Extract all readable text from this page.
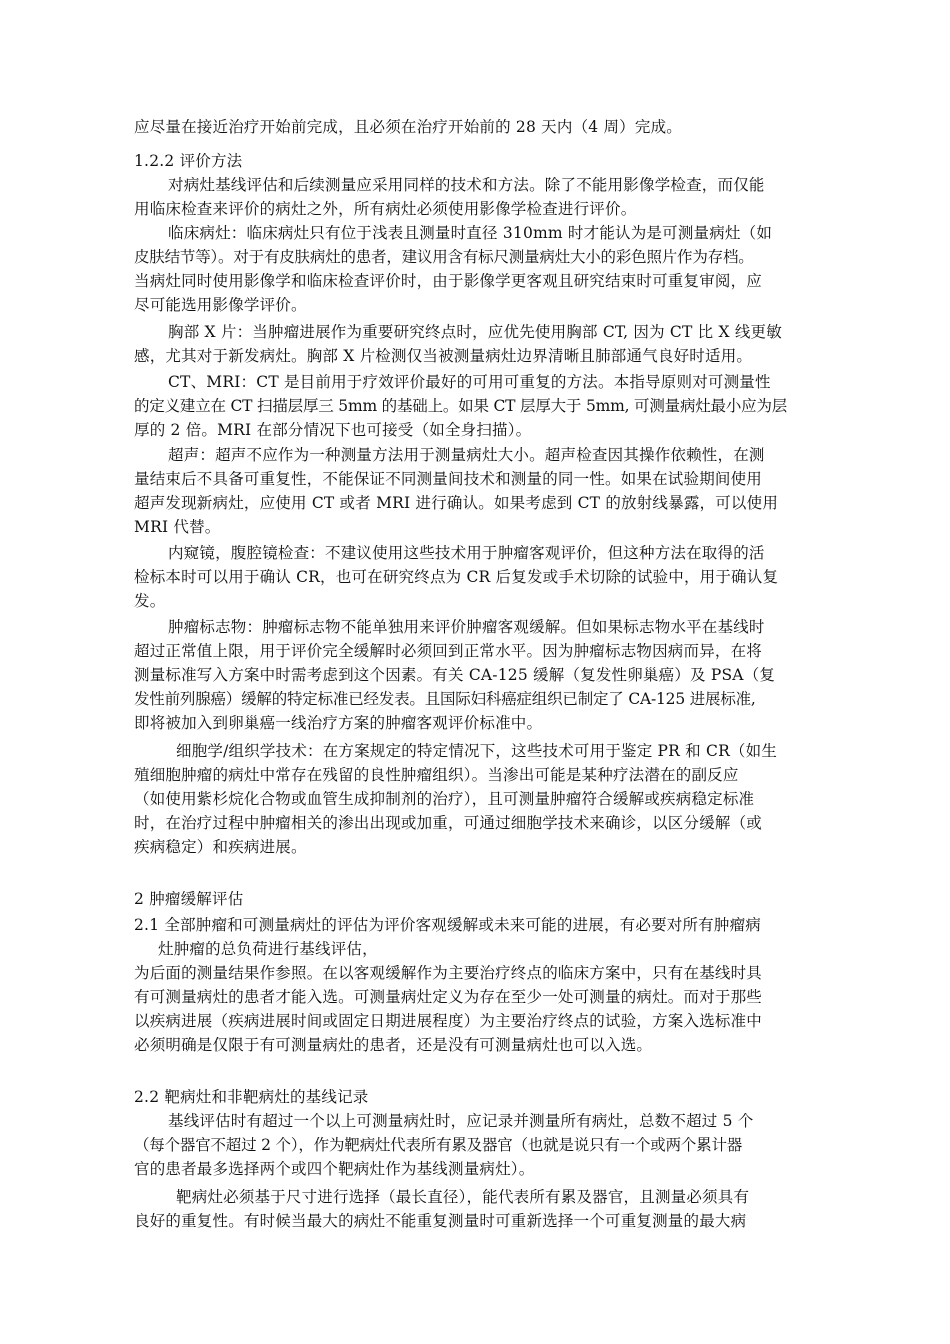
应尽量在接近治疗开始前完成，且必须在治疗开始前的 28 天内（4 周）完成。
1.2.2 评价方法
对病灶基线评估和后续测量应采用同样的技术和方法。除了不能用影像学检查，而仅能
用临床检查来评价的病灶之外，所有病灶必须使用影像学检查进行评价。
临床病灶：临床病灶只有位于浅表且测量时直径 310mm 时才能认为是可测量病灶（如
皮肤结节等）。对于有皮肤病灶的患者，建议用含有标尺测量病灶大小的彩色照片作为存档。
当病灶同时使用影像学和临床检查评价时，由于影像学更客观且研究结束时可重复审阅，应
尽可能选用影像学评价。
胸部 X 片：当肿瘤进展作为重要研究终点时，应优先使用胸部 CT, 因为 CT 比 X 线更敏
感，尤其对于新发病灶。胸部 X 片检测仅当被测量病灶边界清晰且肺部通气良好时适用。
CT、MRI：CT 是目前用于疗效评价最好的可用可重复的方法。本指导原则对可测量性
的定义建立在 CT 扫描层厚三 5mm 的基础上。如果 CT 层厚大于 5mm, 可测量病灶最小应为层
厚的 2 倍。MRI 在部分情况下也可接受（如全身扫描）。
超声：超声不应作为一种测量方法用于测量病灶大小。超声检查因其操作依赖性，在测
量结束后不具备可重复性，不能保证不同测量间技术和测量的同一性。如果在试验期间使用
超声发现新病灶，应使用 CT 或者 MRI 进行确认。如果考虑到 CT 的放射线暴露，可以使用
MRI 代替。
内窥镜，腹腔镜检查：不建议使用这些技术用于肿瘤客观评价，但这种方法在取得的活
检标本时可以用于确认 CR，也可在研究终点为 CR 后复发或手术切除的试验中，用于确认复
发。
肿瘤标志物：肿瘤标志物不能单独用来评价肿瘤客观缓解。但如果标志物水平在基线时
超过正常值上限，用于评价完全缓解时必须回到正常水平。因为肿瘤标志物因病而异，在将
测量标准写入方案中时需考虑到这个因素。有关 CA-125 缓解（复发性卵巢癌）及 PSA（复
发性前列腺癌）缓解的特定标准已经发表。且国际妇科癌症组织已制定了 CA-125 进展标准,
即将被加入到卵巢癌一线治疗方案的肿瘤客观评价标准中。
细胞学/组织学技术：在方案规定的特定情况下，这些技术可用于鉴定 PR 和 CR（如生
殖细胞肿瘤的病灶中常存在残留的良性肿瘤组织）。当渗出可能是某种疗法潜在的副反应
（如使用紫杉烷化合物或血管生成抑制剂的治疗），且可测量肿瘤符合缓解或疾病稳定标准
时，在治疗过程中肿瘤相关的渗出出现或加重，可通过细胞学技术来确诊，以区分缓解（或
疾病稳定）和疾病进展。
2 肿瘤缓解评估
2.1 全部肿瘤和可测量病灶的评估为评价客观缓解或未来可能的进展，有必要对所有肿瘤病
灶肿瘤的总负荷进行基线评估，
为后面的测量结果作参照。在以客观缓解作为主要治疗终点的临床方案中，只有在基线时具
有可测量病灶的患者才能入选。可测量病灶定义为存在至少一处可测量的病灶。而对于那些
以疾病进展（疾病进展时间或固定日期进展程度）为主要治疗终点的试验，方案入选标准中
必须明确是仅限于有可测量病灶的患者，还是没有可测量病灶也可以入选。
2.2 靶病灶和非靶病灶的基线记录
基线评估时有超过一个以上可测量病灶时，应记录并测量所有病灶，总数不超过 5 个
（每个器官不超过 2 个），作为靶病灶代表所有累及器官（也就是说只有一个或两个累计器
官的患者最多选择两个或四个靶病灶作为基线测量病灶）。
靶病灶必须基于尺寸进行选择（最长直径），能代表所有累及器官，且测量必须具有
良好的重复性。有时候当最大的病灶不能重复测量时可重新选择一个可重复测量的最大病
